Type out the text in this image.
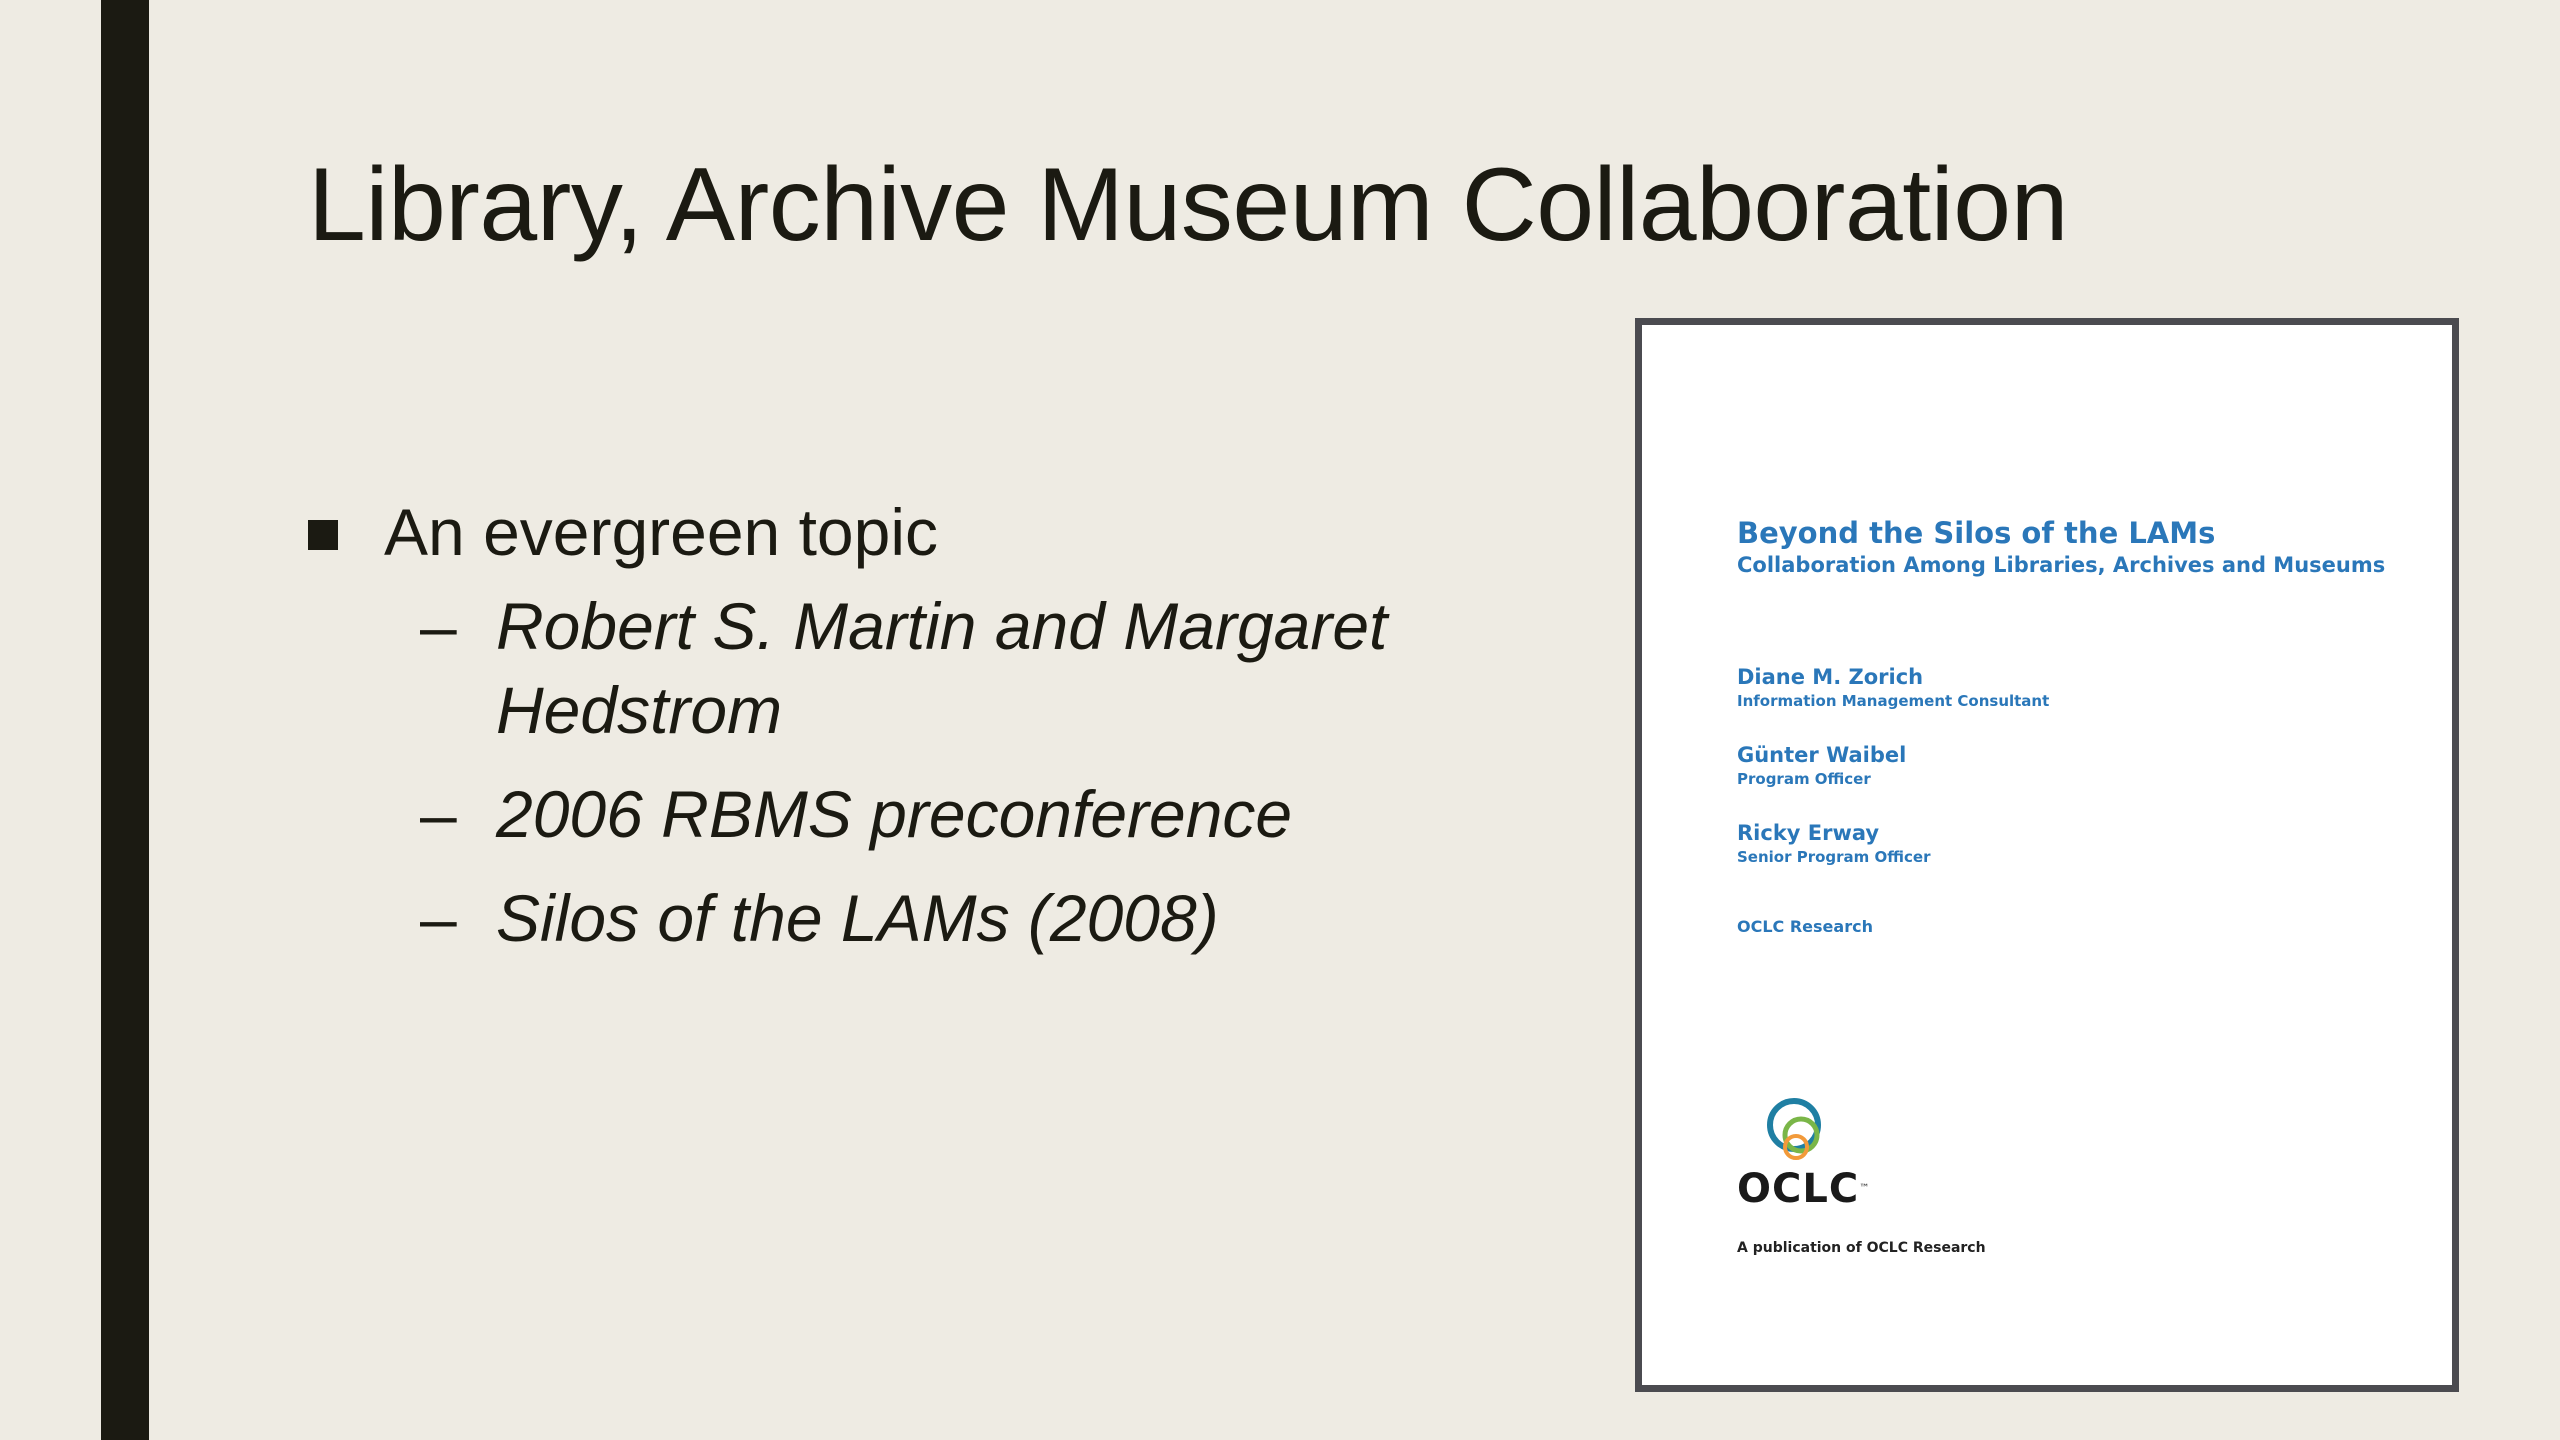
Library, Archive Museum Collaboration
An evergreen topic
– Robert S. Martin and Margaret Hedstrom
– 2006 RBMS preconference
– Silos of the LAMs (2008)
Beyond the Silos of the LAMs
Collaboration Among Libraries, Archives and Museums
Diane M. Zorich
Information Management Consultant
Günter Waibel
Program Officer
Ricky Erway
Senior Program Officer
OCLC Research
OCLC™
A publication of OCLC Research
